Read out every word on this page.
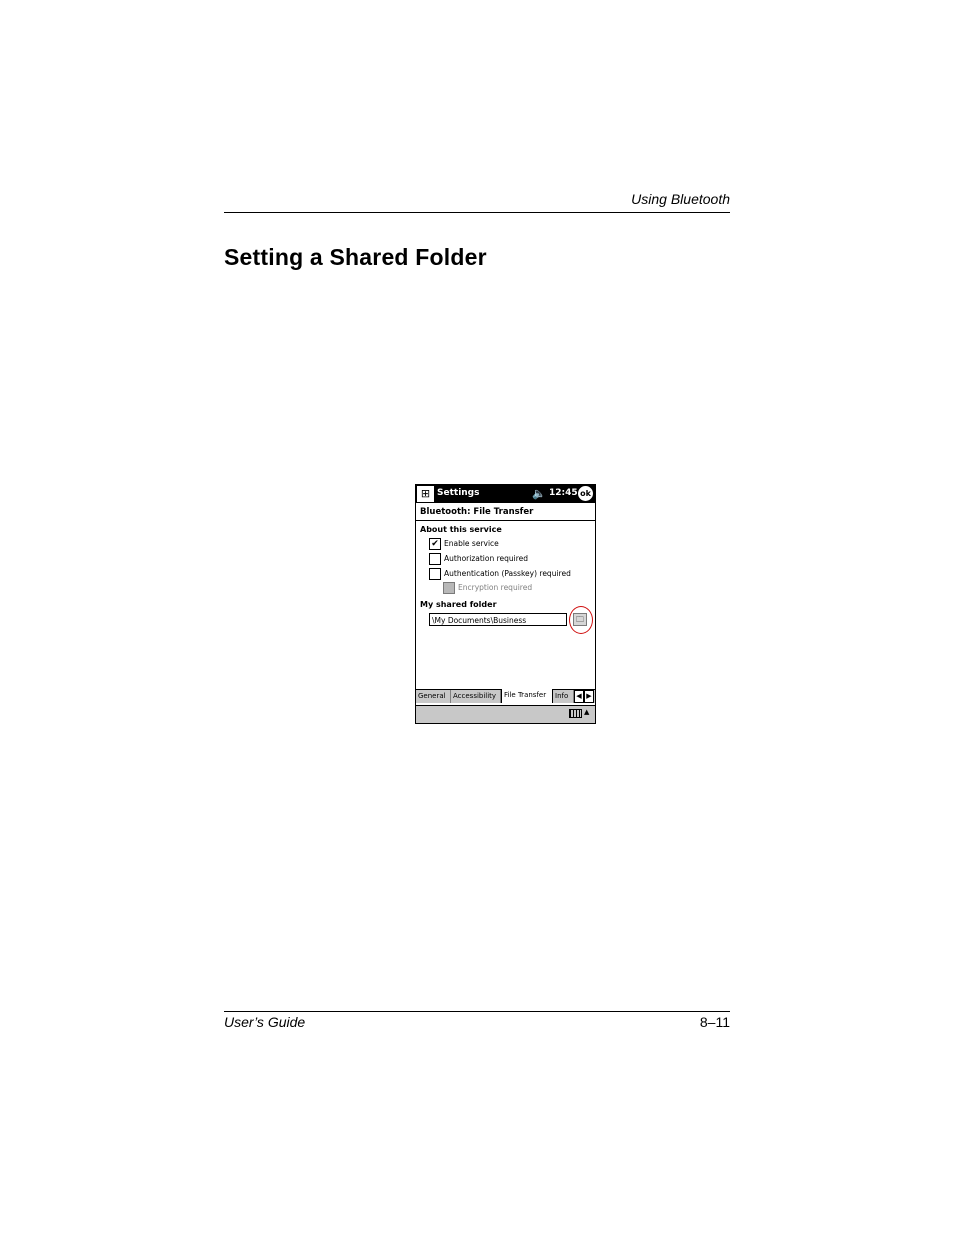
Using Bluetooth
Setting a Shared Folder
⊞ Settings	🔈 12:45 ok
Bluetooth: File Transfer
About this service
✔ Enable service
Authorization required
Authentication (Passkey) required
Encryption required
My shared folder
\My Documents\Business	🗀
General	Accessibility	File Transfer	Info	◀ ▶
▲
User’s Guide	8–11
